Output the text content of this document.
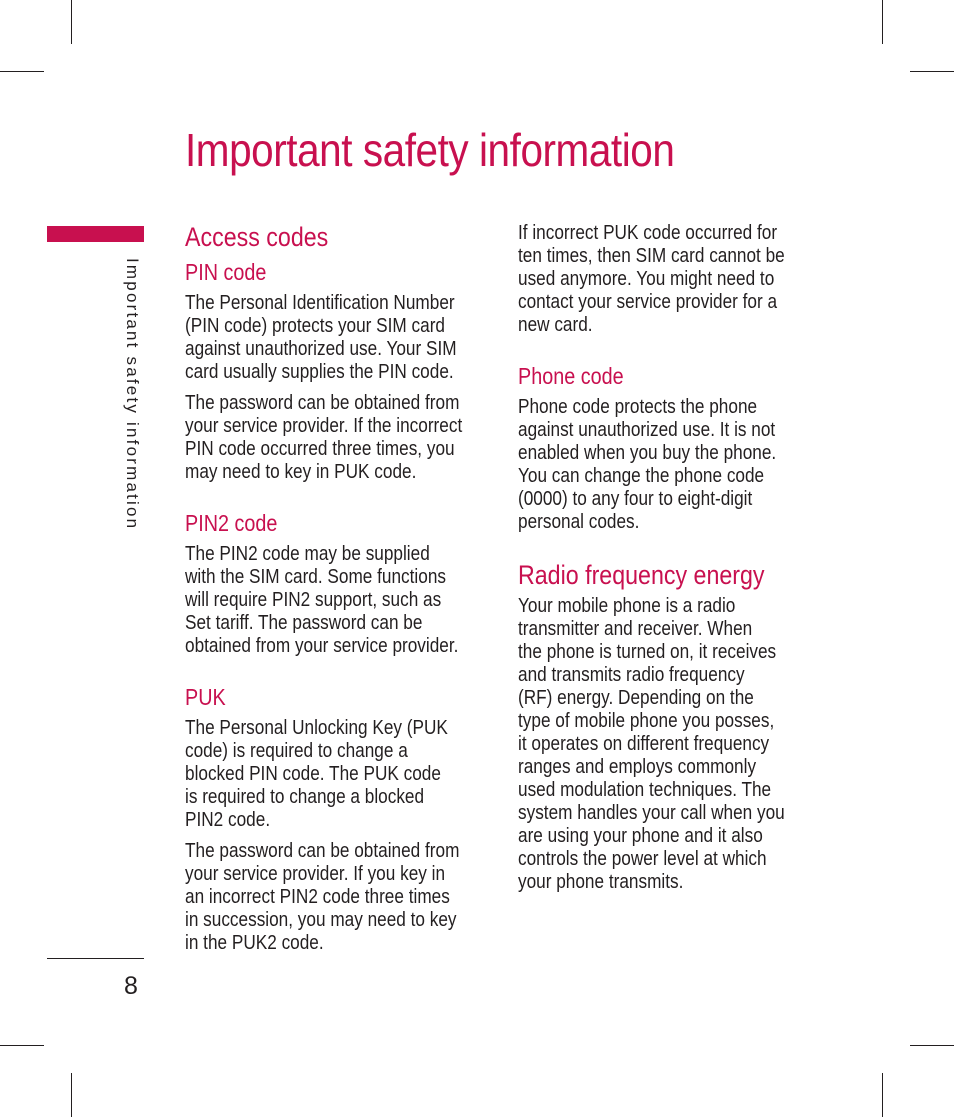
Important safety information
Important safety information
8
Access codes
PIN code
The Personal Identification Number
(PIN code) protects your SIM card
against unauthorized use. Your SIM
card usually supplies the PIN code.
The password can be obtained from
your service provider. If the incorrect
PIN code occurred three times, you
may need to key in PUK code.
PIN2 code
The PIN2 code may be supplied
with the SIM card. Some functions
will require PIN2 support, such as
Set tariff. The password can be
obtained from your service provider.
PUK
The Personal Unlocking Key (PUK
code) is required to change a
blocked PIN code. The PUK code
is required to change a blocked
PIN2 code.
The password can be obtained from
your service provider. If you key in
an incorrect PIN2 code three times
in succession, you may need to key
in the PUK2 code.
If incorrect PUK code occurred for
ten times, then SIM card cannot be
used anymore. You might need to
contact your service provider for a
new card.
Phone code
Phone code protects the phone
against unauthorized use. It is not
enabled when you buy the phone.
You can change the phone code
(0000) to any four to eight-digit
personal codes.
Radio frequency energy
Your mobile phone is a radio
transmitter and receiver. When
the phone is turned on, it receives
and transmits radio frequency
(RF) energy. Depending on the
type of mobile phone you posses,
it operates on different frequency
ranges and employs commonly
used modulation techniques. The
system handles your call when you
are using your phone and it also
controls the power level at which
your phone transmits.
